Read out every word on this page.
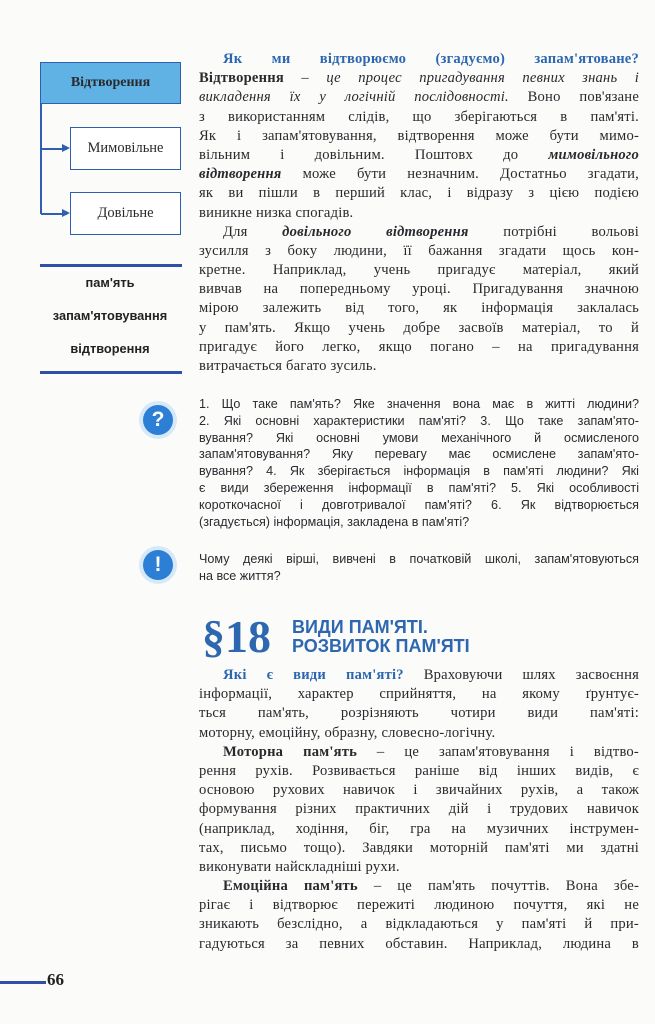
Відтворення
Мимовільне
Довільне
пам'ять
запам'ятовування
відтворення
Як ми відтворюємо (згадуємо) запам'ятоване?
Відтворення – це процес пригадування певних знань і
викладення їх у логічній послідовності. Воно пов'язане
з використанням слідів, що зберігаються в пам'яті.
Як і запам'ятовування, відтворення може бути мимо-
вільним і довільним. Поштовх до мимовільного
відтворення може бути незначним. Достатньо згадати,
як ви пішли в перший клас, і відразу з цією подією
виникне низка спогадів.
Для довільного відтворення потрібні вольові
зусилля з боку людини, її бажання згадати щось кон-
кретне. Наприклад, учень пригадує матеріал, який
вивчав на попередньому уроці. Пригадування значною
мірою залежить від того, як інформація заклалась
у пам'ять. Якщо учень добре засвоїв матеріал, то й
пригадує його легко, якщо погано – на пригадування
витрачається багато зусиль.
?
1. Що таке пам'ять? Яке значення вона має в житті людини?
2. Які основні характеристики пам'яті? 3. Що таке запам'ято-
вування? Які основні умови механічного й осмисленого
запам'ятовування? Яку перевагу має осмислене запам'ято-
вування? 4. Як зберігається інформація в пам'яті людини? Які
є види збереження інформації в пам'яті? 5. Які особливості
короткочасної і довготривалої пам'яті? 6. Як відтворюється
(згадується) інформація, закладена в пам'яті?
!	Чому деякі вірші, вивчені в початковій школі, запам'ятовуються
на все життя?
§18 ВИДИ ПАМ'ЯТІ.
РОЗВИТОК ПАМ'ЯТІ
Які є види пам'яті? Враховуючи шлях засвоєння
інформації, характер сприйняття, на якому ґрунтує-
ться пам'ять, розрізняють чотири види пам'яті:
моторну, емоційну, образну, словесно-логічну.
Моторна пам'ять – це запам'ятовування і відтво-
рення рухів. Розвивається раніше від інших видів, є
основою рухових навичок і звичайних рухів, а також
формування різних практичних дій і трудових навичок
(наприклад, ходіння, біг, гра на музичних інструмен-
тах, письмо тощо). Завдяки моторній пам'яті ми здатні
виконувати найскладніші рухи.
Емоційна пам'ять – це пам'ять почуттів. Вона збе-
рігає і відтворює пережиті людиною почуття, які не
зникають безслідно, а відкладаються у пам'яті й при-
гадуються за певних обставин. Наприклад, людина в
66
